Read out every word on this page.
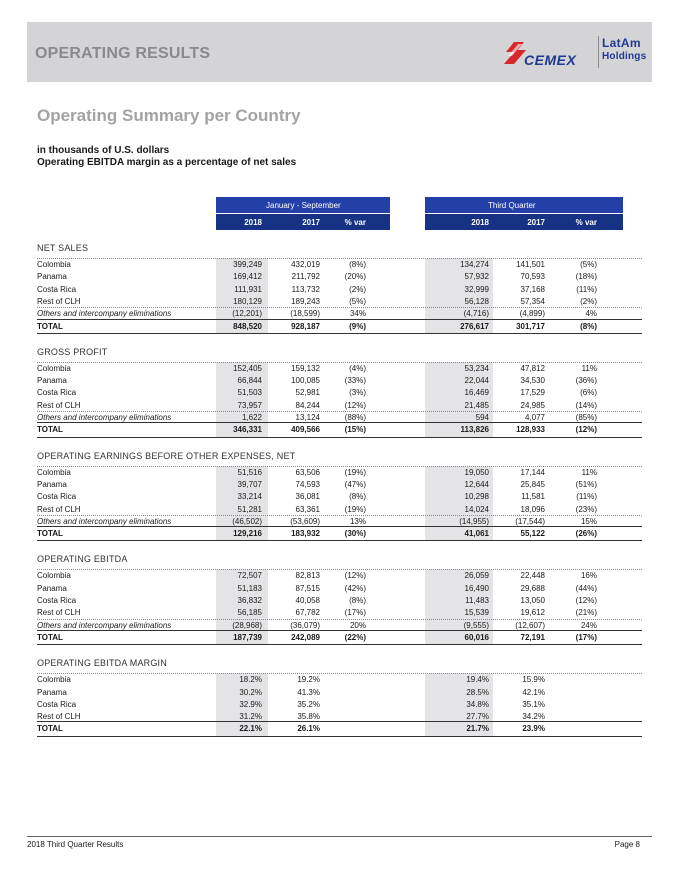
OPERATING RESULTS	CEMEX
LatAm
Holdings
Operating Summary per Country
in thousands of U.S. dollars
Operating EBITDA margin as a percentage of net sales
January - September	Third Quarter
2018	2017	% var	2018	2017	% var
NET SALES
Colombia	399,249	432,019	(8%)	134,274	141,501	(5%)
Panama	169,412	211,792	(20%)	57,932	70,593	(18%)
Costa Rica	111,931	113,732	(2%)	32,999	37,168	(11%)
Rest of CLH	180,129	189,243	(5%)	56,128	57,354	(2%)
Others and intercompany eliminations	(12,201)	(18,599)	34%	(4,716)	(4,899)	4%
TOTAL	848,520	928,187	(9%)	276,617	301,717	(8%)
GROSS PROFIT
Colombia	152,405	159,132	(4%)	53,234	47,812	11%
Panama	66,844	100,085	(33%)	22,044	34,530	(36%)
Costa Rica	51,503	52,981	(3%)	16,469	17,529	(6%)
Rest of CLH	73,957	84,244	(12%)	21,485	24,985	(14%)
Others and intercompany eliminations	1,622	13,124	(88%)	594	4,077	(85%)
TOTAL	346,331	409,566	(15%)	113,826	128,933	(12%)
OPERATING EARNINGS BEFORE OTHER EXPENSES, NET
Colombia	51,516	63,506	(19%)	19,050	17,144	11%
Panama	39,707	74,593	(47%)	12,644	25,845	(51%)
Costa Rica	33,214	36,081	(8%)	10,298	11,581	(11%)
Rest of CLH	51,281	63,361	(19%)	14,024	18,096	(23%)
Others and intercompany eliminations	(46,502)	(53,609)	13%	(14,955)	(17,544)	15%
TOTAL	129,216	183,932	(30%)	41,061	55,122	(26%)
OPERATING EBITDA
Colombia	72,507	82,813	(12%)	26,059	22,448	16%
Panama	51,183	87,515	(42%)	16,490	29,688	(44%)
Costa Rica	36,832	40,058	(8%)	11,483	13,050	(12%)
Rest of CLH	56,185	67,782	(17%)	15,539	19,612	(21%)
Others and intercompany eliminations	(28,968)	(36,079)	20%	(9,555)	(12,607)	24%
TOTAL	187,739	242,089	(22%)	60,016	72,191	(17%)
OPERATING EBITDA MARGIN
Colombia	18.2%	19.2%	19.4%	15.9%
Panama	30.2%	41.3%	28.5%	42.1%
Costa Rica	32.9%	35.2%	34.8%	35.1%
Rest of CLH	31.2%	35.8%	27.7%	34.2%
TOTAL	22.1%	26.1%	21.7%	23.9%
2018 Third Quarter Results	Page 8
